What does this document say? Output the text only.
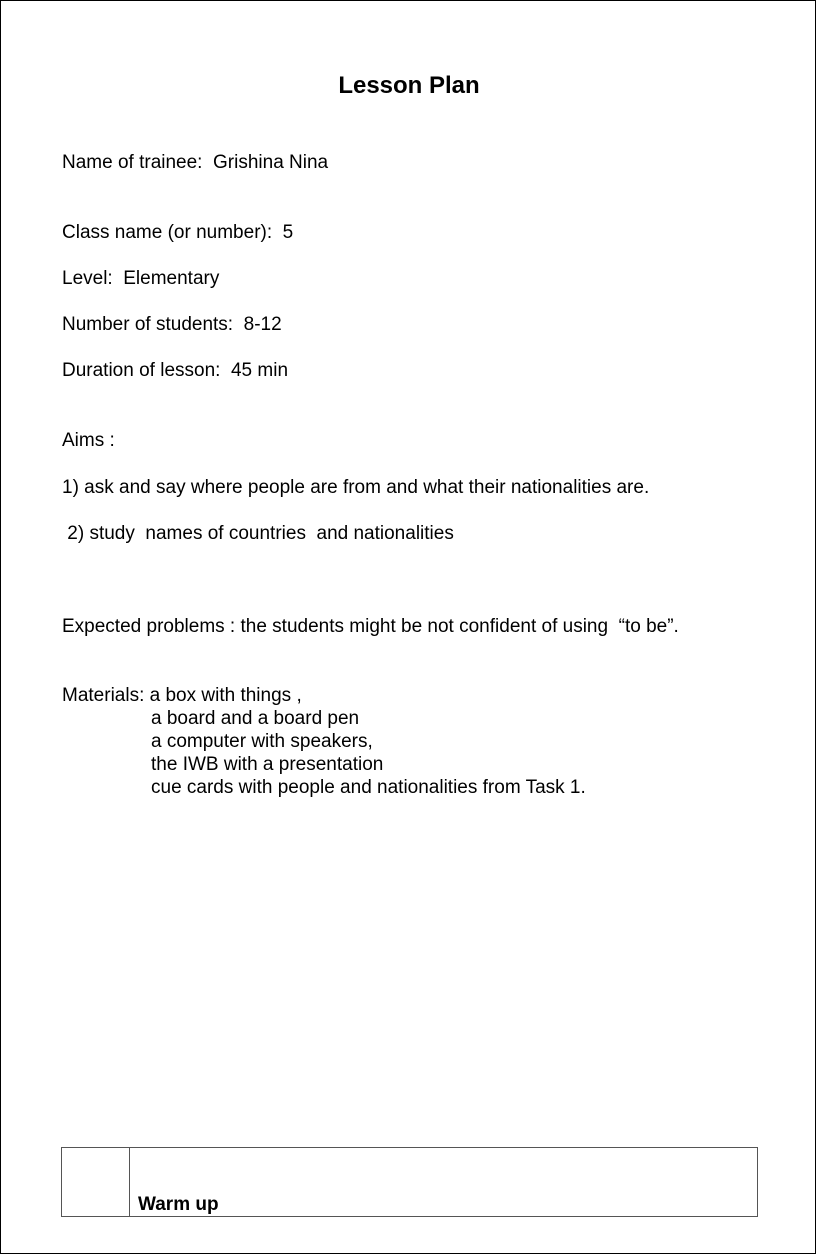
Lesson Plan
Name of trainee:  Grishina Nina
Class name (or number):  5
Level:  Elementary
Number of students:  8-12
Duration of lesson:  45 min
Aims :
1) ask and say where people are from and what their nationalities are.
2) study  names of countries  and nationalities
Expected problems : the students might be not confident of using  “to be”.
Materials: a box with things ,
a board and a board pen
a computer with speakers,
the IWB with a presentation
cue cards with people and nationalities from Task 1.
Warm up
